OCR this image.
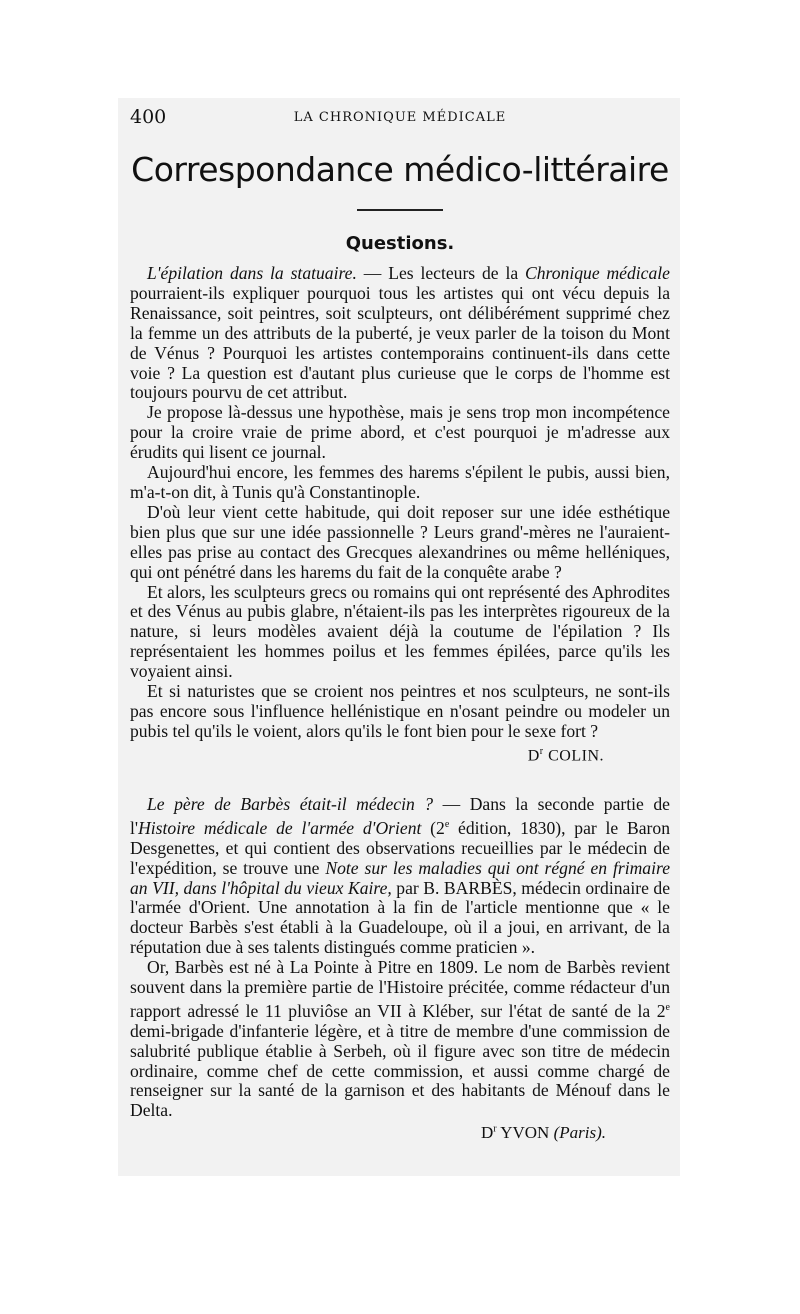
400	LA CHRONIQUE MÉDICALE
Correspondance médico-littéraire
Questions.

L'épilation dans la statuaire. — Les lecteurs de la Chronique médicale pourraient-ils expliquer pourquoi tous les artistes qui ont vécu depuis la Renaissance, soit peintres, soit sculpteurs, ont délibérément supprimé chez la femme un des attributs de la puberté, je veux parler de la toison du Mont de Vénus ? Pourquoi les artistes contemporains continuent-ils dans cette voie ? La question est d'autant plus curieuse que le corps de l'homme est toujours pourvu de cet attribut.

Je propose là-dessus une hypothèse, mais je sens trop mon incompétence pour la croire vraie de prime abord, et c'est pourquoi je m'adresse aux érudits qui lisent ce journal.

Aujourd'hui encore, les femmes des harems s'épilent le pubis, aussi bien, m'a-t-on dit, à Tunis qu'à Constantinople.

D'où leur vient cette habitude, qui doit reposer sur une idée esthétique bien plus que sur une idée passionnelle ? Leurs grand'-mères ne l'auraient-elles pas prise au contact des Grecques alexandrines ou même helléniques, qui ont pénétré dans les harems du fait de la conquête arabe ?

Et alors, les sculpteurs grecs ou romains qui ont représenté des Aphrodites et des Vénus au pubis glabre, n'étaient-ils pas les interprètes rigoureux de la nature, si leurs modèles avaient déjà la coutume de l'épilation ? Ils représentaient les hommes poilus et les femmes épilées, parce qu'ils les voyaient ainsi.

Et si naturistes que se croient nos peintres et nos sculpteurs, ne sont-ils pas encore sous l'influence hellénistique en n'osant peindre ou modeler un pubis tel qu'ils le voient, alors qu'ils le font bien pour le sexe fort ?

$D^r$ COLIN.

Le père de Barbès était-il médecin ? — Dans la seconde partie de l'Histoire médicale de l'armée d'Orient (2e édition, 1830), par le Baron Desgenettes, et qui contient des observations recueillies par le médecin de l'expédition, se trouve une Note sur les maladies qui ont régné en frimaire an VII, dans l'hôpital du vieux Kaire, par B. BARBÈS, médecin ordinaire de l'armée d'Orient. Une annotation à la fin de l'article mentionne que « le docteur Barbès s'est établi à la Guadeloupe, où il a joui, en arrivant, de la réputation due à ses talents distingués comme praticien ».

Or, Barbès est né à La Pointe à Pitre en 1809. Le nom de Barbès revient souvent dans la première partie de l'Histoire précitée, comme rédacteur d'un rapport adressé le 11 pluviôse an VII à Kléber, sur l'état de santé de la 2e demi-brigade d'infanterie légère, et à titre de membre d'une commission de salubrité publique établie à Serbeh, où il figure avec son titre de médecin ordinaire, comme chef de cette commission, et aussi comme chargé de renseigner sur la santé de la garnison et des habitants de Ménouf dans le Delta.

$D^r$ YVON (Paris).
